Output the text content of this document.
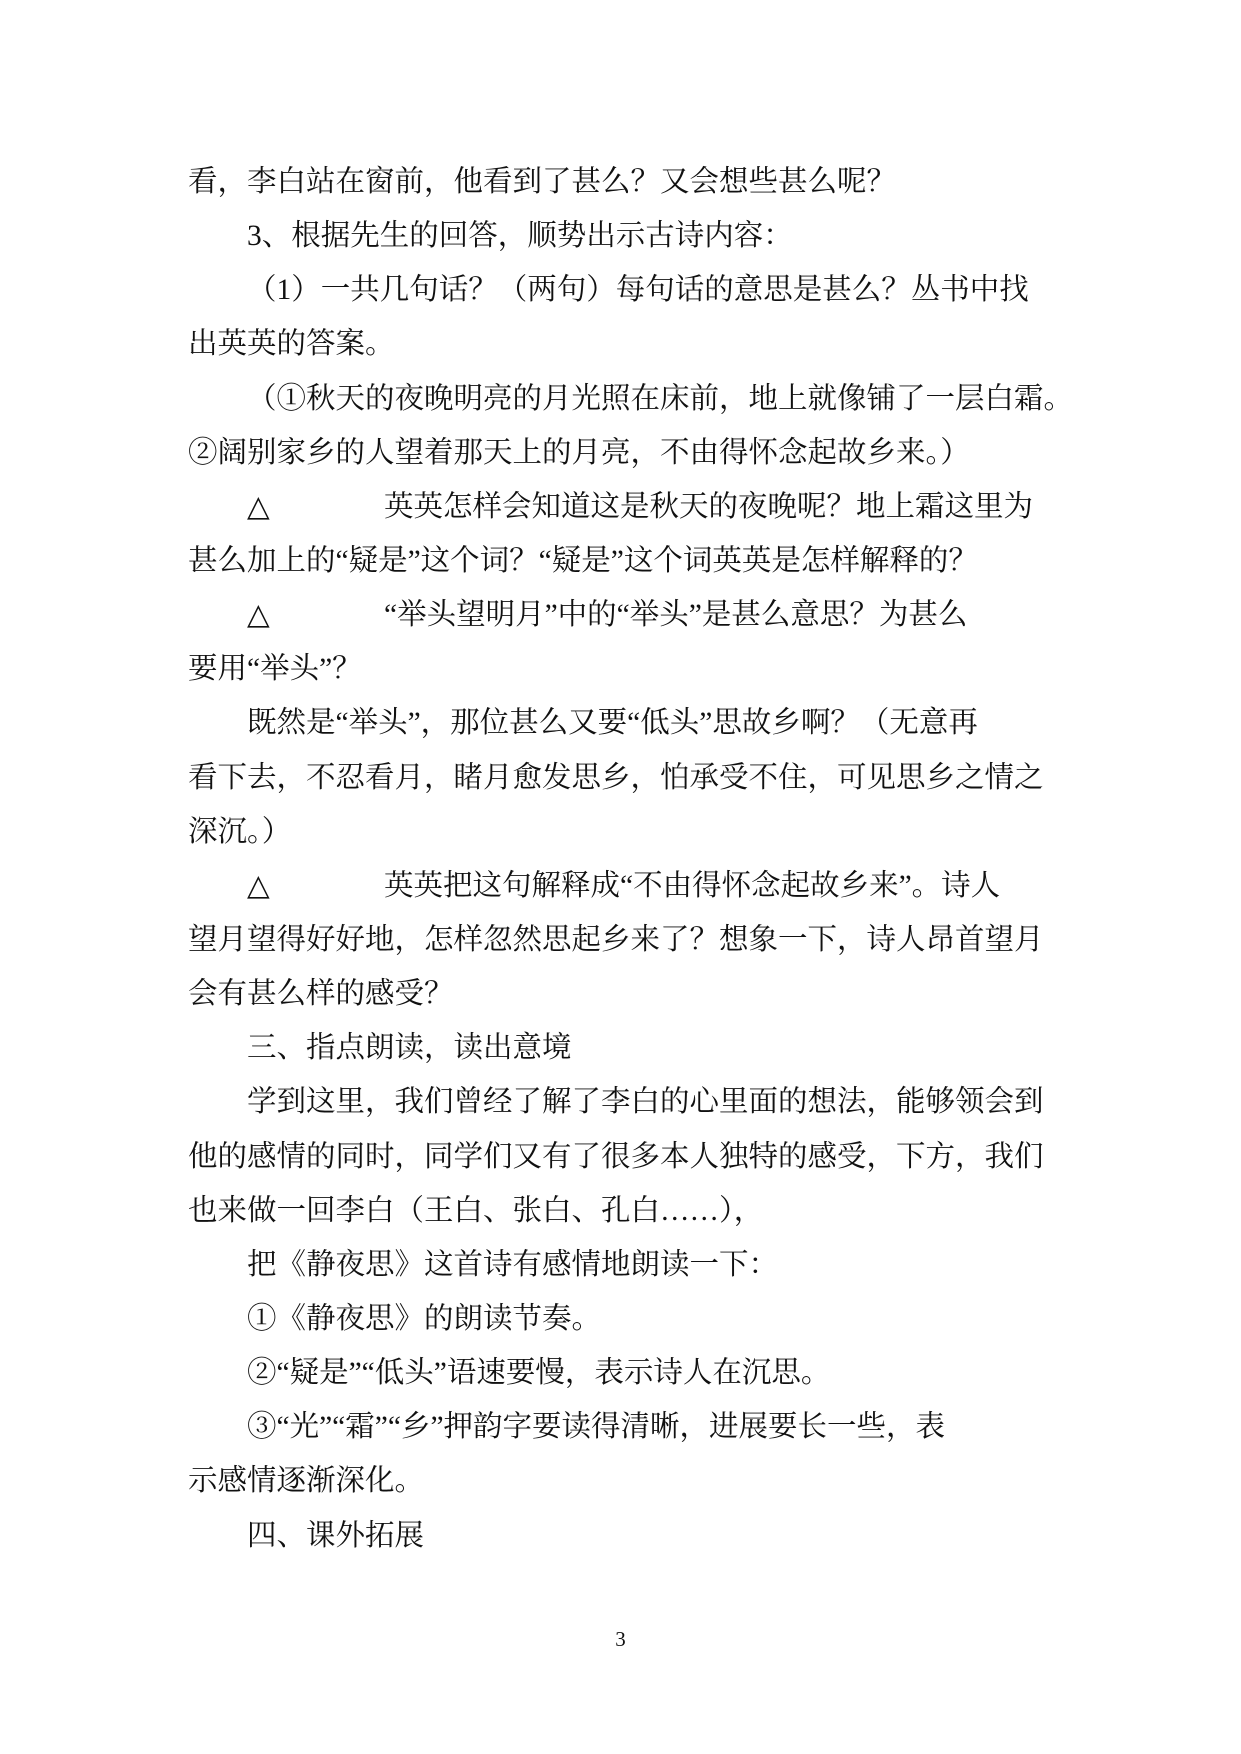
看，李白站在窗前，他看到了甚么？又会想些甚么呢？
3、根据先生的回答，顺势出示古诗内容：
（1）一共几句话？（两句）每句话的意思是甚么？丛书中找
出英英的答案。
（①秋天的夜晚明亮的月光照在床前，地上就像铺了一层白霜。
②阔别家乡的人望着那天上的月亮，不由得怀念起故乡来。）
△	英英怎样会知道这是秋天的夜晚呢？地上霜这里为
甚么加上的“疑是”这个词？“疑是”这个词英英是怎样解释的？
△	“举头望明月”中的“举头”是甚么意思？为甚么
要用“举头”？
既然是“举头”，那位甚么又要“低头”思故乡啊？（无意再
看下去，不忍看月，睹月愈发思乡，怕承受不住，可见思乡之情之
深沉。）
△	英英把这句解释成“不由得怀念起故乡来”。诗人
望月望得好好地，怎样忽然思起乡来了？想象一下，诗人昂首望月
会有甚么样的感受？
三、指点朗读，读出意境
学到这里，我们曾经了解了李白的心里面的想法，能够领会到
他的感情的同时，同学们又有了很多本人独特的感受，下方，我们
也来做一回李白（王白、张白、孔白……），
把《静夜思》这首诗有感情地朗读一下：
①《静夜思》的朗读节奏。
②“疑是”“低头”语速要慢，表示诗人在沉思。
③“光”“霜”“乡”押韵字要读得清晰，进展要长一些，表
示感情逐渐深化。
四、课外拓展
3
